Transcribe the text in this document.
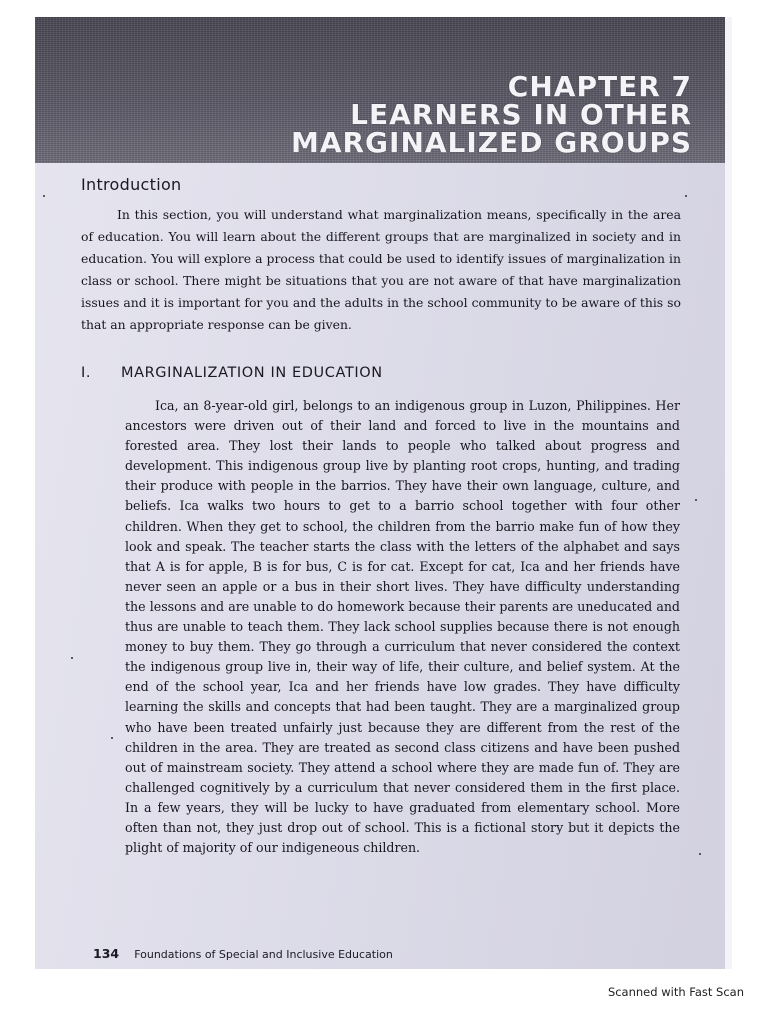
CHAPTER 7
LEARNERS IN OTHER
MARGINALIZED GROUPS
Introduction
In this section, you will understand what marginalization means, specifically in the area of education. You will learn about the different groups that are marginalized in society and in education. You will explore a process that could be used to identify issues of marginalization in class or school. There might be situations that you are not aware of that have marginalization issues and it is important for you and the adults in the school community to be aware of this so that an appropriate response can be given.
I. MARGINALIZATION IN EDUCATION
Ica, an 8-year-old girl, belongs to an indigenous group in Luzon, Philippines. Her ancestors were driven out of their land and forced to live in the mountains and forested area. They lost their lands to people who talked about progress and development. This indigenous group live by planting root crops, hunting, and trading their produce with people in the barrios. They have their own language, culture, and beliefs. Ica walks two hours to get to a barrio school together with four other children. When they get to school, the children from the barrio make fun of how they look and speak. The teacher starts the class with the letters of the alphabet and says that A is for apple, B is for bus, C is for cat. Except for cat, Ica and her friends have never seen an apple or a bus in their short lives. They have difficulty understanding the lessons and are unable to do homework because their parents are uneducated and thus are unable to teach them. They lack school supplies because there is not enough money to buy them. They go through a curriculum that never considered the context the indigenous group live in, their way of life, their culture, and belief system. At the end of the school year, Ica and her friends have low grades. They have difficulty learning the skills and concepts that had been taught. They are a marginalized group who have been treated unfairly just because they are different from the rest of the children in the area. They are treated as second class citizens and have been pushed out of mainstream society. They attend a school where they are made fun of. They are challenged cognitively by a curriculum that never considered them in the first place. In a few years, they will be lucky to have graduated from elementary school. More often than not, they just drop out of school. This is a fictional story but it depicts the plight of majority of our indigeneous children.
134 Foundations of Special and Inclusive Education
Scanned with Fast Scan
